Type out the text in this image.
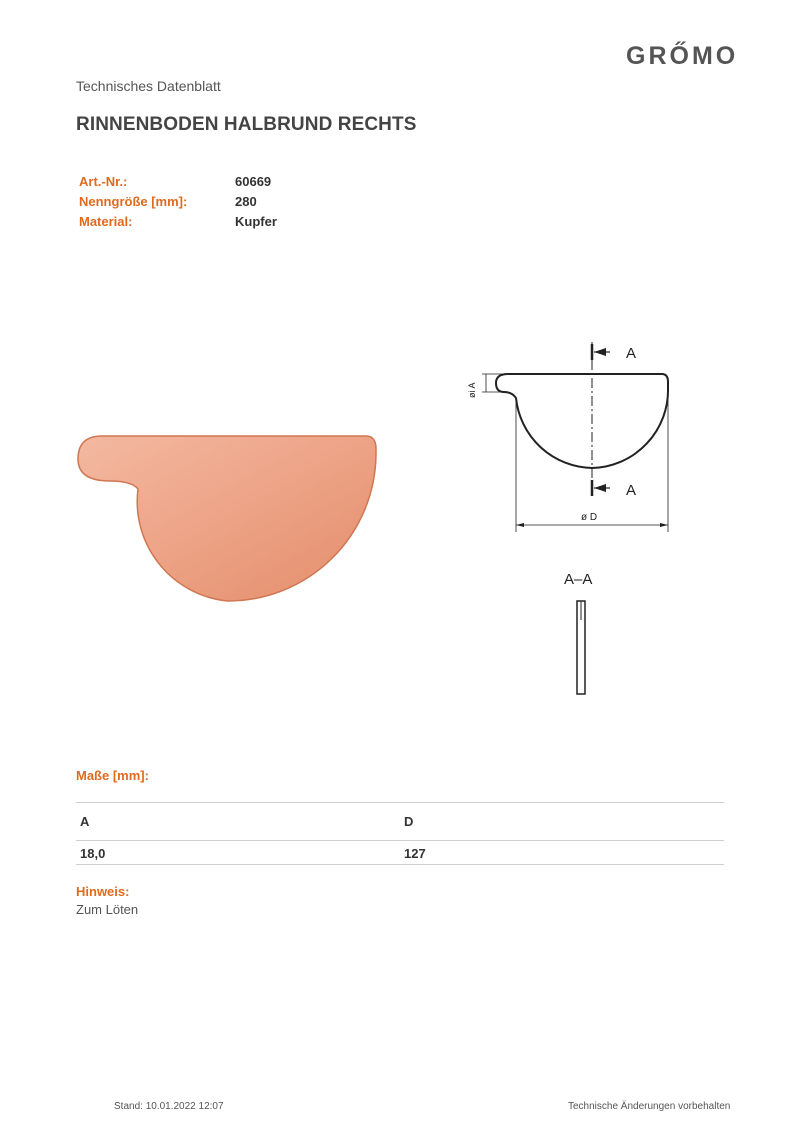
GRŐMO
Technisches Datenblatt
RINNENBODEN HALBRUND RECHTS
Art.-Nr.:	60669
Nenngröße [mm]:	280
Material:	Kupfer
A
A
øi A
ø D
A–A
Maße [mm]:
A	D
18,0	127
Hinweis:
Zum Löten
Stand: 10.01.2022 12:07	Technische Änderungen vorbehalten
